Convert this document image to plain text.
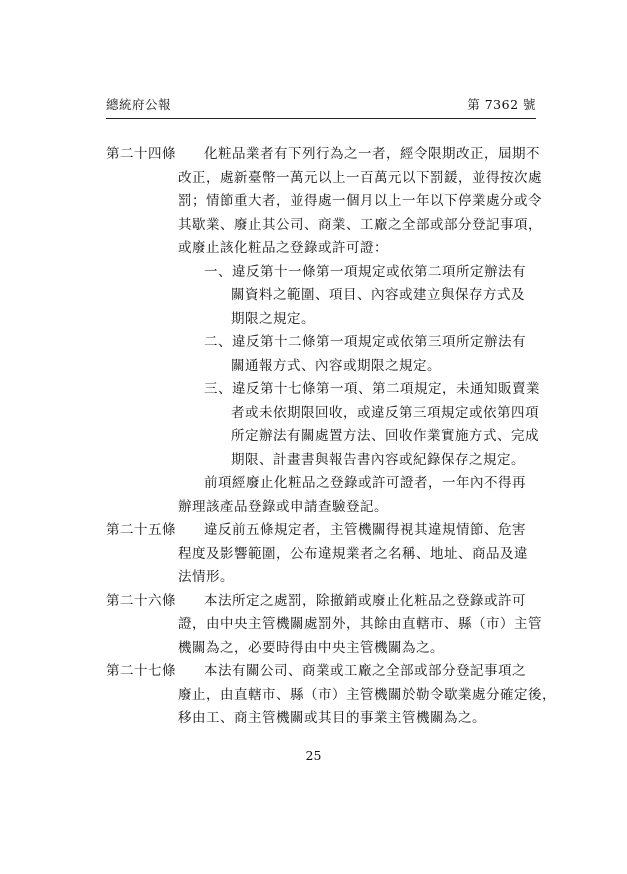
總統府公報	第 7362 號
第二十四條 化粧品業者有下列行為之一者，經令限期改正，屆期不
改正，處新臺幣一萬元以上一百萬元以下罰鍰，並得按次處
罰；情節重大者，並得處一個月以上一年以下停業處分或令
其歇業、廢止其公司、商業、工廠之全部或部分登記事項，
或廢止該化粧品之登錄或許可證：
一、違反第十一條第一項規定或依第二項所定辦法有
關資料之範圍、項目、內容或建立與保存方式及
期限之規定。
二、違反第十二條第一項規定或依第三項所定辦法有
關通報方式、內容或期限之規定。
三、違反第十七條第一項、第二項規定，未通知販賣業
者或未依期限回收，或違反第三項規定或依第四項
所定辦法有關處置方法、回收作業實施方式、完成
期限、計畫書與報告書內容或紀錄保存之規定。
前項經廢止化粧品之登錄或許可證者，一年內不得再
辦理該產品登錄或申請查驗登記。
第二十五條 違反前五條規定者，主管機關得視其違規情節、危害
程度及影響範圍，公布違規業者之名稱、地址、商品及違
法情形。
第二十六條 本法所定之處罰，除撤銷或廢止化粧品之登錄或許可
證，由中央主管機關處罰外，其餘由直轄市、縣（市）主管
機關為之，必要時得由中央主管機關為之。
第二十七條 本法有關公司、商業或工廠之全部或部分登記事項之
廢止，由直轄市、縣（市）主管機關於勒令歇業處分確定後，
移由工、商主管機關或其目的事業主管機關為之。
25
